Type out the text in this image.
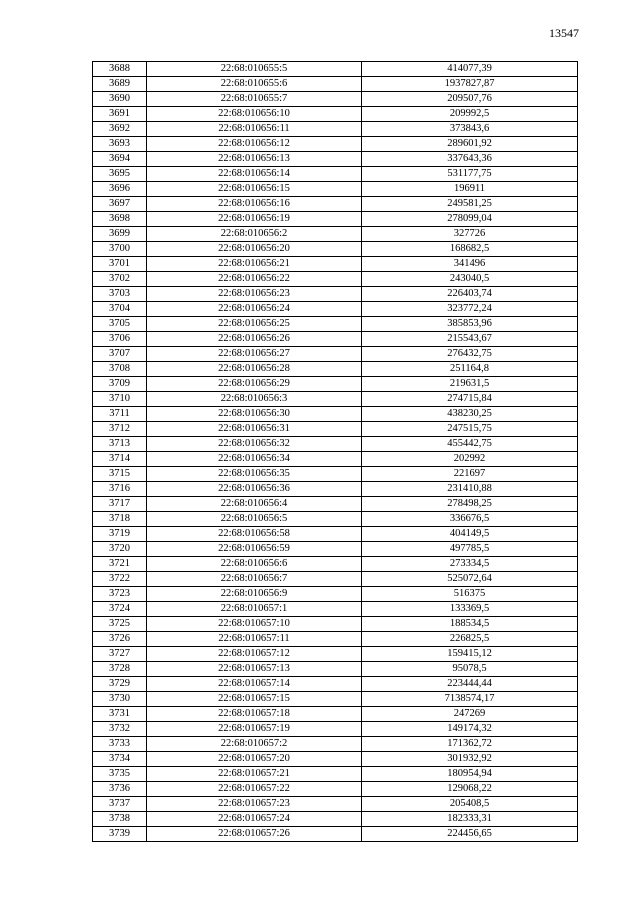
13547
3688	22:68:010655:5	414077,39
3689	22:68:010655:6	1937827,87
3690	22:68:010655:7	209507,76
3691	22:68:010656:10	209992,5
3692	22:68:010656:11	373843,6
3693	22:68:010656:12	289601,92
3694	22:68:010656:13	337643,36
3695	22:68:010656:14	531177,75
3696	22:68:010656:15	196911
3697	22:68:010656:16	249581,25
3698	22:68:010656:19	278099,04
3699	22:68:010656:2	327726
3700	22:68:010656:20	168682,5
3701	22:68:010656:21	341496
3702	22:68:010656:22	243040,5
3703	22:68:010656:23	226403,74
3704	22:68:010656:24	323772,24
3705	22:68:010656:25	385853,96
3706	22:68:010656:26	215543,67
3707	22:68:010656:27	276432,75
3708	22:68:010656:28	251164,8
3709	22:68:010656:29	219631,5
3710	22:68:010656:3	274715,84
3711	22:68:010656:30	438230,25
3712	22:68:010656:31	247515,75
3713	22:68:010656:32	455442,75
3714	22:68:010656:34	202992
3715	22:68:010656:35	221697
3716	22:68:010656:36	231410,88
3717	22:68:010656:4	278498,25
3718	22:68:010656:5	336676,5
3719	22:68:010656:58	404149,5
3720	22:68:010656:59	497785,5
3721	22:68:010656:6	273334,5
3722	22:68:010656:7	525072,64
3723	22:68:010656:9	516375
3724	22:68:010657:1	133369,5
3725	22:68:010657:10	188534,5
3726	22:68:010657:11	226825,5
3727	22:68:010657:12	159415,12
3728	22:68:010657:13	95078,5
3729	22:68:010657:14	223444,44
3730	22:68:010657:15	7138574,17
3731	22:68:010657:18	247269
3732	22:68:010657:19	149174,32
3733	22:68:010657:2	171362,72
3734	22:68:010657:20	301932,92
3735	22:68:010657:21	180954,94
3736	22:68:010657:22	129068,22
3737	22:68:010657:23	205408,5
3738	22:68:010657:24	182333,31
3739	22:68:010657:26	224456,65
